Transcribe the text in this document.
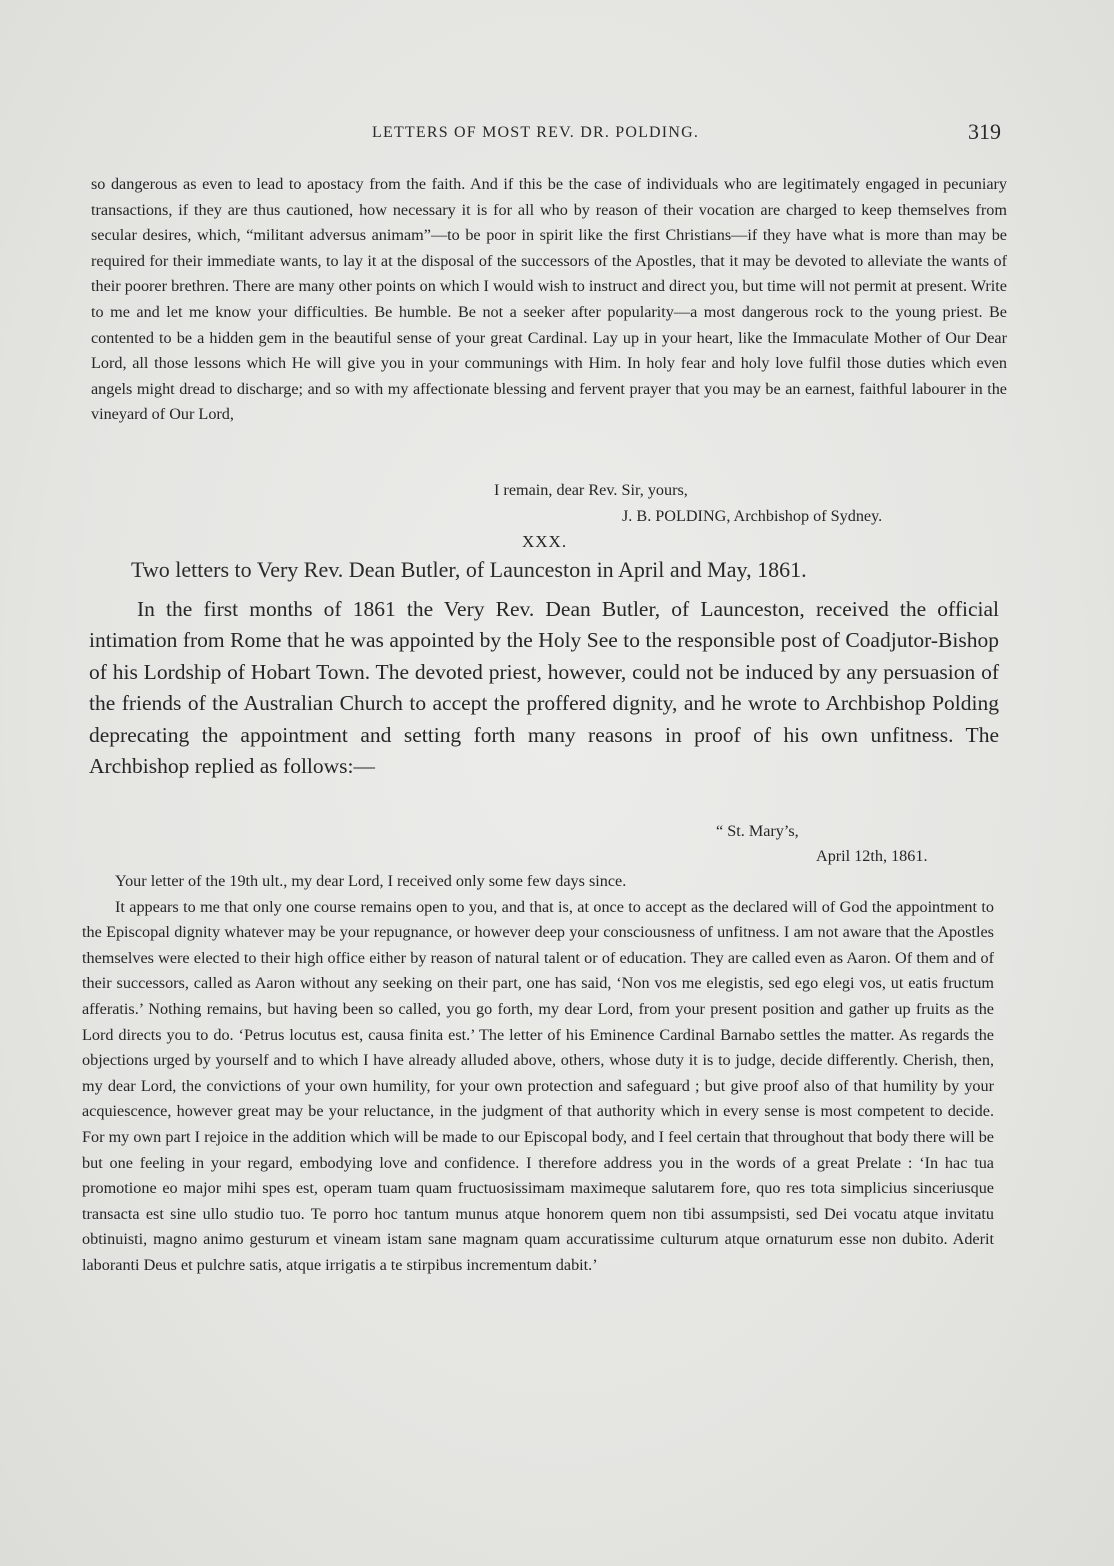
LETTERS OF MOST REV. DR. POLDING.	319

so dangerous as even to lead to apostacy from the faith. And if this be the case of individuals who are legitimately engaged in pecuniary transactions, if they are thus cautioned, how necessary it is for all who by reason of their vocation are charged to keep themselves from secular desires, which, “militant adversus animam”—to be poor in spirit like the first Christians—if they have what is more than may be required for their immediate wants, to lay it at the disposal of the successors of the Apostles, that it may be devoted to alleviate the wants of their poorer brethren. There are many other points on which I would wish to instruct and direct you, but time will not permit at present. Write to me and let me know your difficulties. Be humble. Be not a seeker after popularity—a most dangerous rock to the young priest. Be contented to be a hidden gem in the beautiful sense of your great Cardinal. Lay up in your heart, like the Immaculate Mother of Our Dear Lord, all those lessons which He will give you in your communings with Him. In holy fear and holy love fulfil those duties which even angels might dread to discharge; and so with my affectionate blessing and fervent prayer that you may be an earnest, faithful labourer in the vineyard of Our Lord,

I remain, dear Rev. Sir, yours,
J. B. POLDING, Archbishop of Sydney.
XXX.
Two letters to Very Rev. Dean Butler, of Launceston in April and May, 1861.

In the first months of 1861 the Very Rev. Dean Butler, of Launceston, received the official intimation from Rome that he was appointed by the Holy See to the responsible post of Coadjutor-Bishop of his Lordship of Hobart Town. The devoted priest, however, could not be induced by any persuasion of the friends of the Australian Church to accept the proffered dignity, and he wrote to Archbishop Polding deprecating the appointment and setting forth many reasons in proof of his own unfitness. The Archbishop replied as follows:—

“ St. Mary’s,
April 12th, 1861.

Your letter of the 19th ult., my dear Lord, I received only some few days since.

It appears to me that only one course remains open to you, and that is, at once to accept as the declared will of God the appointment to the Episcopal dignity whatever may be your repugnance, or however deep your consciousness of unfitness. I am not aware that the Apostles themselves were elected to their high office either by reason of natural talent or of education. They are called even as Aaron. Of them and of their successors, called as Aaron without any seeking on their part, one has said, ‘Non vos me elegistis, sed ego elegi vos, ut eatis fructum afferatis.’ Nothing remains, but having been so called, you go forth, my dear Lord, from your present position and gather up fruits as the Lord directs you to do. ‘Petrus locutus est, causa finita est.’ The letter of his Eminence Cardinal Barnabo settles the matter. As regards the objections urged by yourself and to which I have already alluded above, others, whose duty it is to judge, decide differently. Cherish, then, my dear Lord, the convictions of your own humility, for your own protection and safeguard ; but give proof also of that humility by your acquiescence, however great may be your reluctance, in the judgment of that authority which in every sense is most competent to decide. For my own part I rejoice in the addition which will be made to our Episcopal body, and I feel certain that throughout that body there will be but one feeling in your regard, embodying love and confidence. I therefore address you in the words of a great Prelate : ‘In hac tua promotione eo major mihi spes est, operam tuam quam fructuosissimam maximeque salutarem fore, quo res tota simplicius sinceriusque transacta est sine ullo studio tuo. Te porro hoc tantum munus atque honorem quem non tibi assumpsisti, sed Dei vocatu atque invitatu obtinuisti, magno animo gesturum et vineam istam sane magnam quam accuratissime culturum atque ornaturum esse non dubito. Aderit laboranti Deus et pulchre satis, atque irrigatis a te stirpibus incrementum dabit.’
